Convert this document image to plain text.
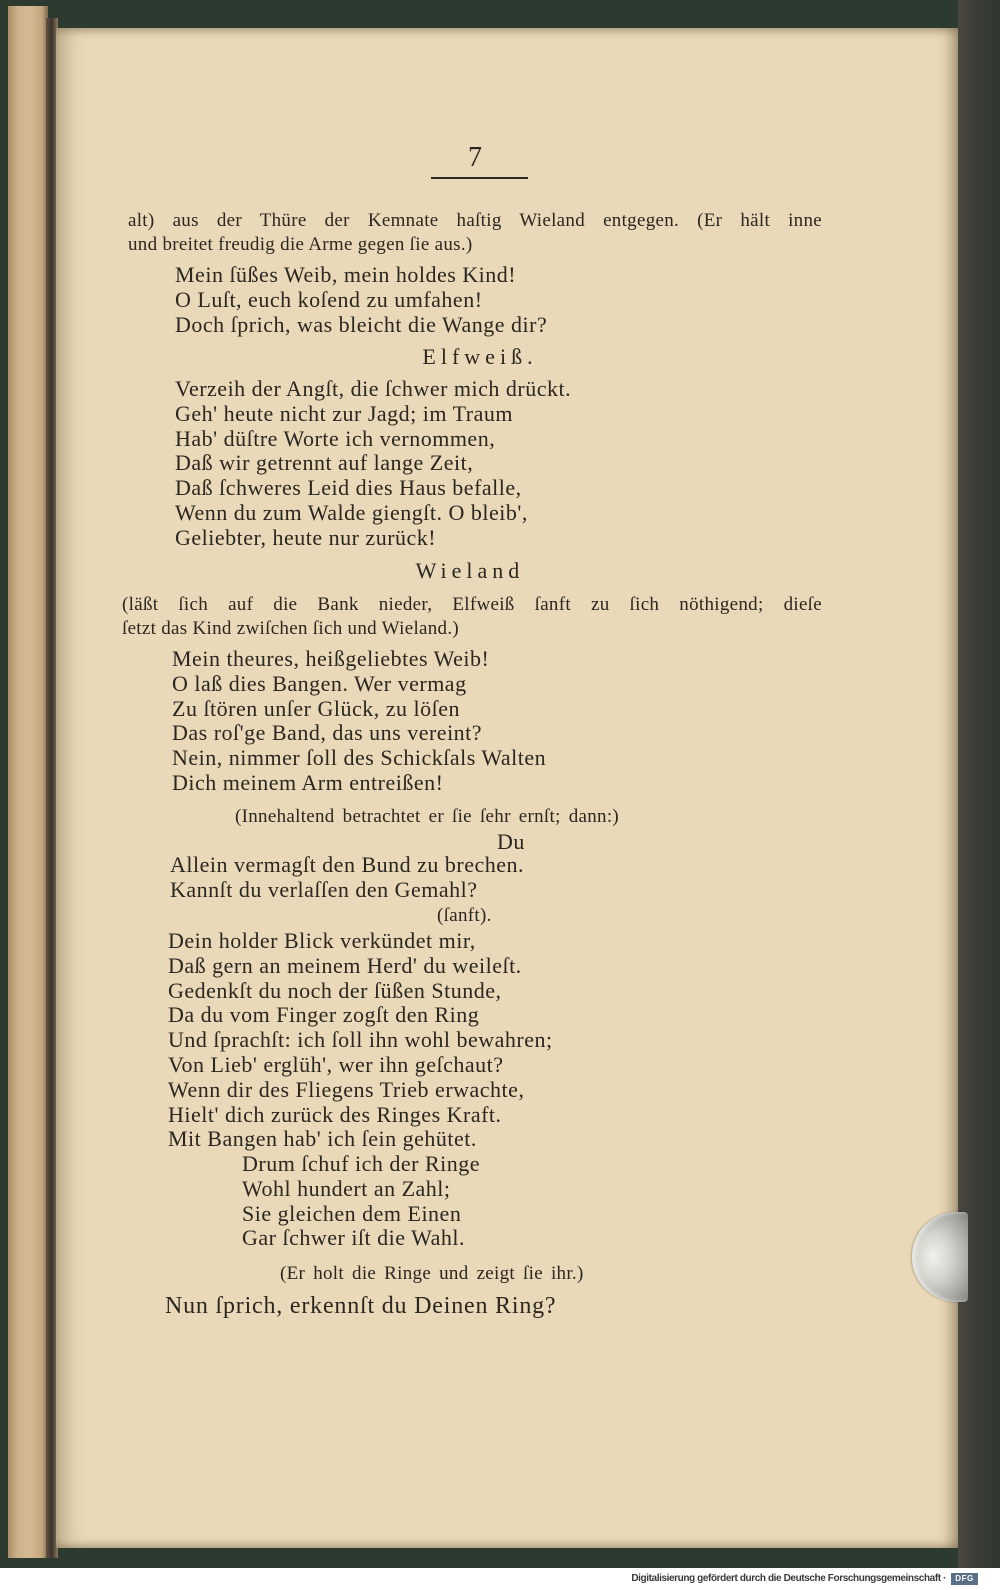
7
alt) aus der Thüre der Kemnate haſtig Wieland entgegen. (Er hält inne
und breitet freudig die Arme gegen ſie aus.)
Mein ſüßes Weib, mein holdes Kind!
O Luſt, euch koſend zu umfahen!
Doch ſprich, was bleicht die Wange dir?
Elfweiß.
Verzeih der Angſt, die ſchwer mich drückt.
Geh' heute nicht zur Jagd; im Traum
Hab' düſtre Worte ich vernommen,
Daß wir getrennt auf lange Zeit,
Daß ſchweres Leid dies Haus befalle,
Wenn du zum Walde giengſt. O bleib',
Geliebter, heute nur zurück!
Wieland
(läßt ſich auf die Bank nieder, Elfweiß ſanft zu ſich nöthigend; dieſe
ſetzt das Kind zwiſchen ſich und Wieland.)
Mein theures, heißgeliebtes Weib!
O laß dies Bangen. Wer vermag
Zu ſtören unſer Glück, zu löſen
Das roſ'ge Band, das uns vereint?
Nein, nimmer ſoll des Schickſals Walten
Dich meinem Arm entreißen!
(Innehaltend betrachtet er ſie ſehr ernſt; dann:)
Du
Allein vermagſt den Bund zu brechen.
Kannſt du verlaſſen den Gemahl?
(ſanft).
Dein holder Blick verkündet mir,
Daß gern an meinem Herd' du weileſt.
Gedenkſt du noch der ſüßen Stunde,
Da du vom Finger zogſt den Ring
Und ſprachſt: ich ſoll ihn wohl bewahren;
Von Lieb' erglüh', wer ihn geſchaut?
Wenn dir des Fliegens Trieb erwachte,
Hielt' dich zurück des Ringes Kraft.
Mit Bangen hab' ich ſein gehütet.
Drum ſchuf ich der Ringe
Wohl hundert an Zahl;
Sie gleichen dem Einen
Gar ſchwer iſt die Wahl.
(Er holt die Ringe und zeigt ſie ihr.)
Nun ſprich, erkennſt du Deinen Ring?
Digitalisierung gefördert durch die Deutsche Forschungsgemeinschaft ·	DFG
